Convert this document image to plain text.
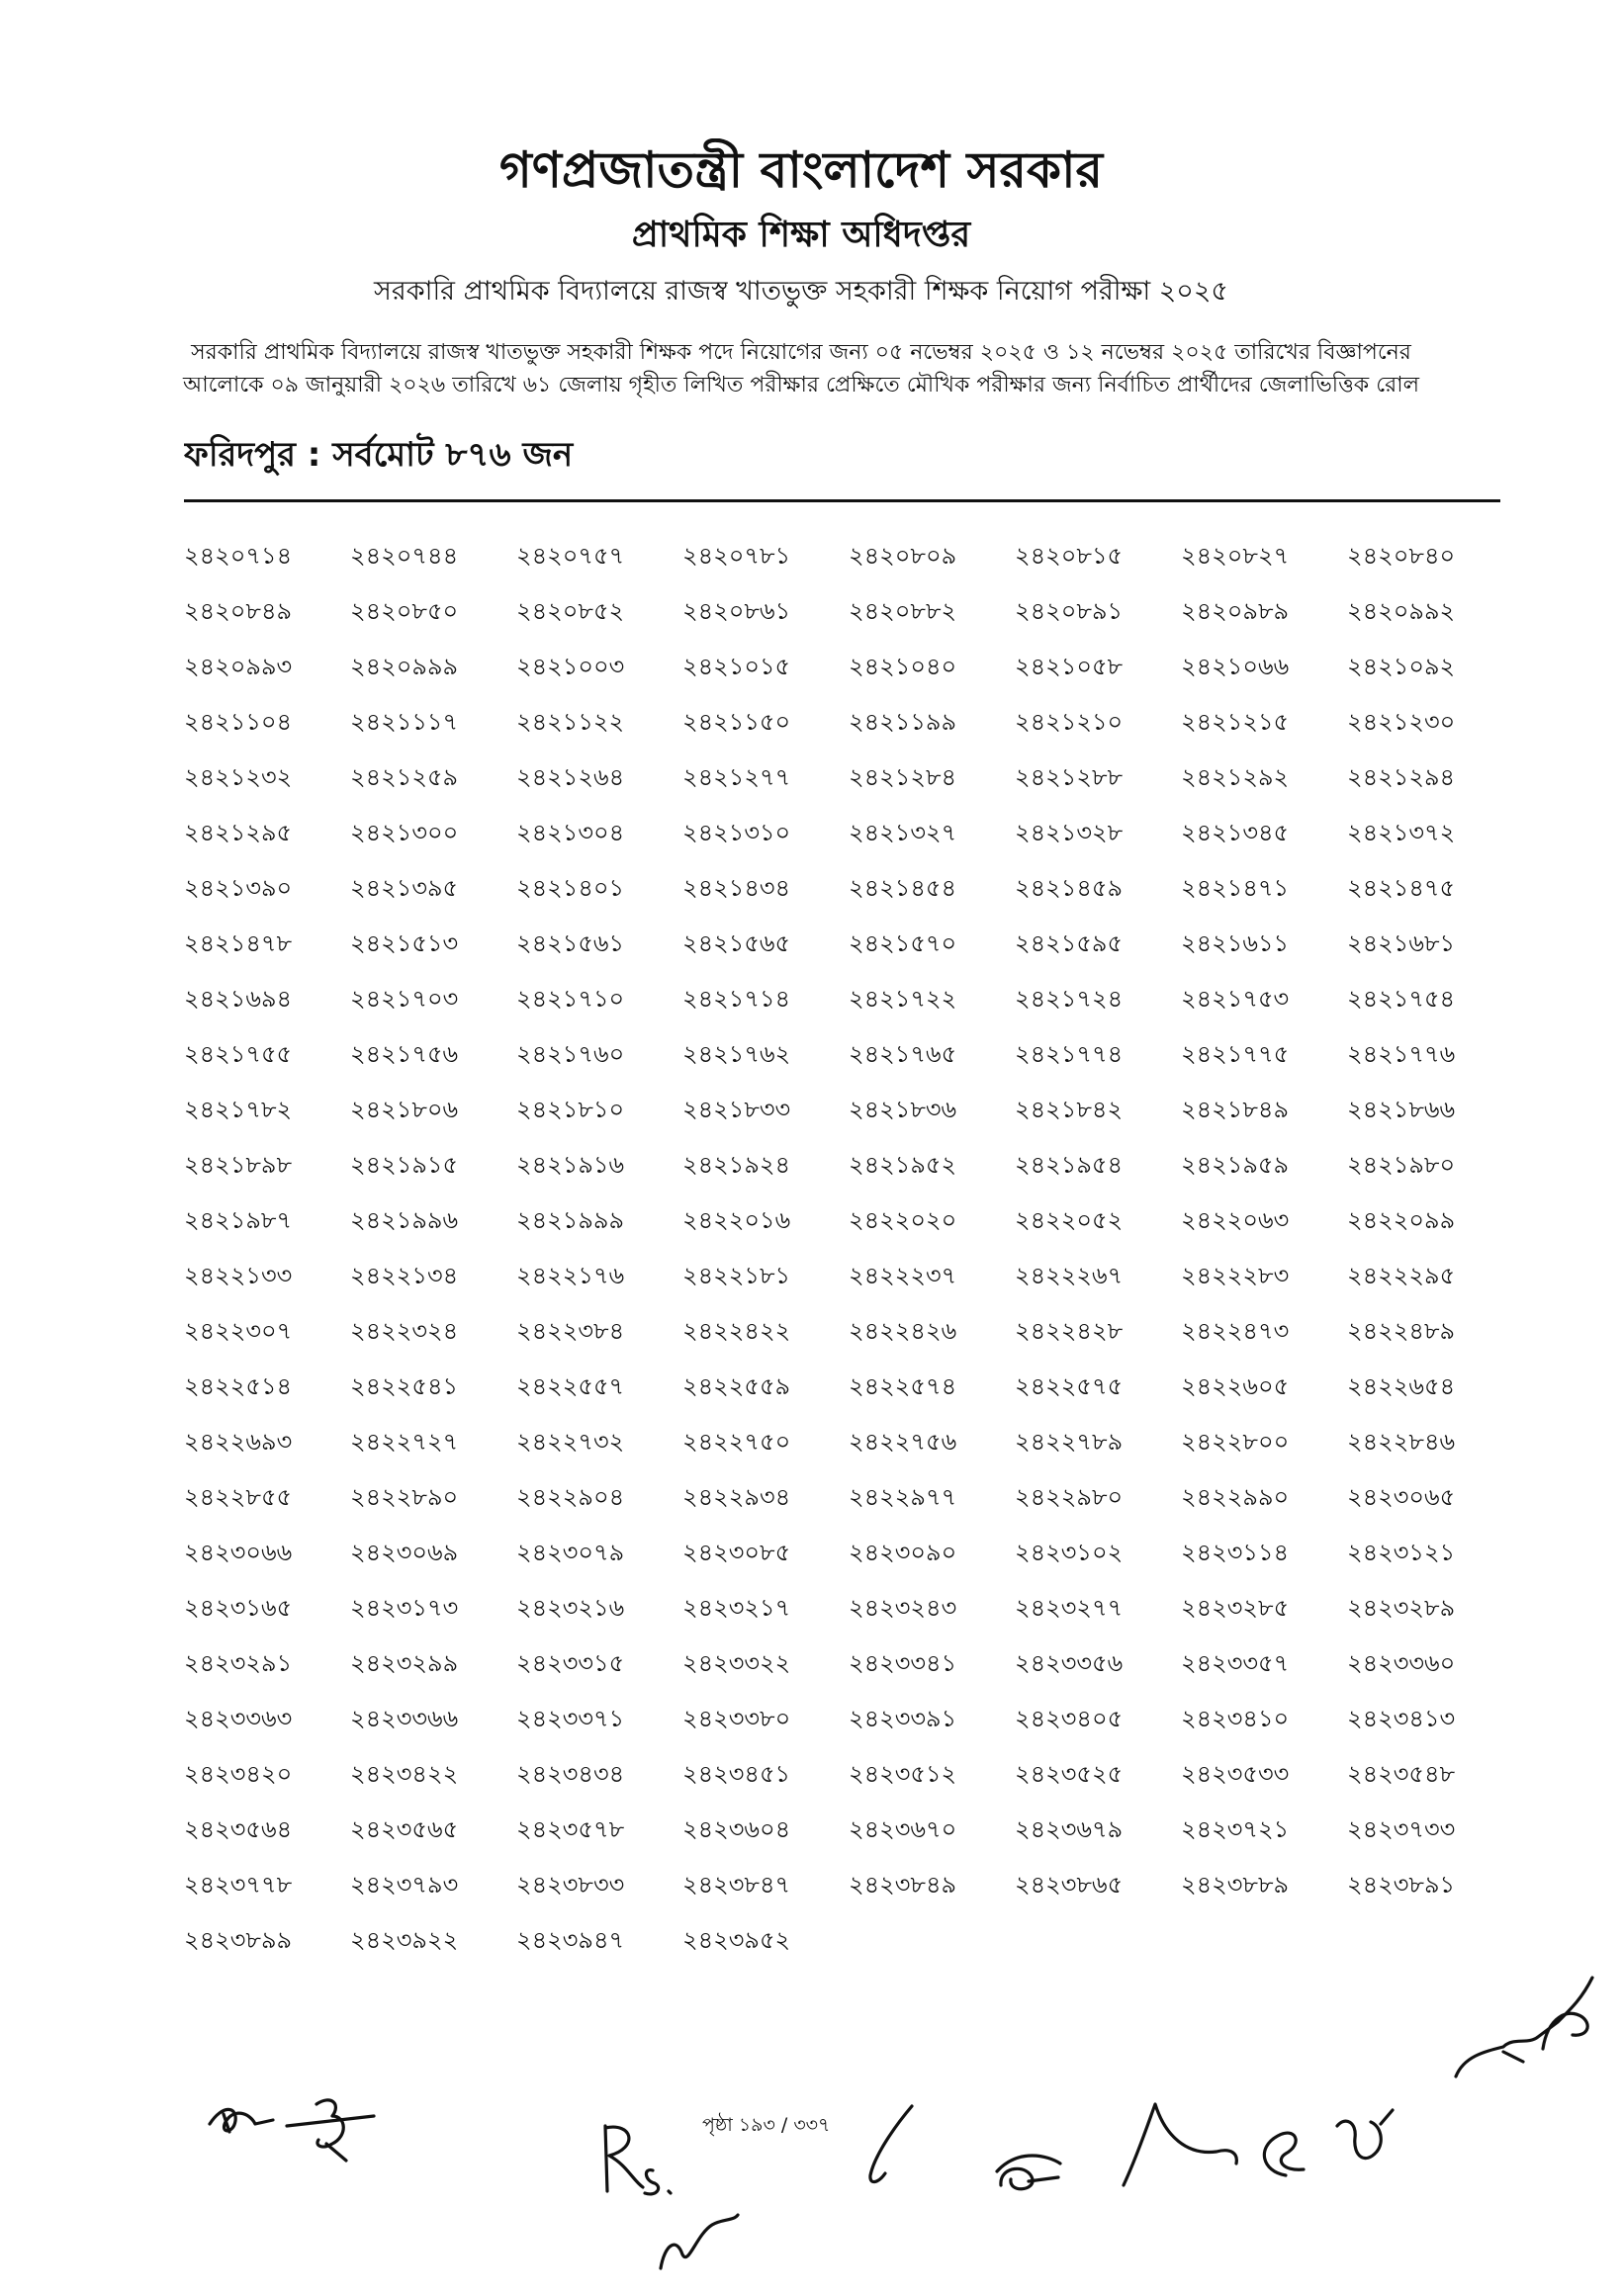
গণপ্রজাতন্ত্রী বাংলাদেশ সরকার
প্রাথমিক শিক্ষা অধিদপ্তর
সরকারি প্রাথমিক বিদ্যালয়ে রাজস্ব খাতভুক্ত সহকারী শিক্ষক নিয়োগ পরীক্ষা ২০২৫
সরকারি প্রাথমিক বিদ্যালয়ে রাজস্ব খাতভুক্ত সহকারী শিক্ষক পদে নিয়োগের জন্য ০৫ নভেম্বর ২০২৫ ও ১২ নভেম্বর ২০২৫ তারিখের বিজ্ঞাপনের
আলোকে ০৯ জানুয়ারী ২০২৬ তারিখে ৬১ জেলায় গৃহীত লিখিত পরীক্ষার প্রেক্ষিতে মৌখিক পরীক্ষার জন্য নির্বাচিত প্রার্থীদের জেলাভিত্তিক রোল
ফরিদপুর : সর্বমোট ৮৭৬ জন
২৪২০৭১৪	২৪২০৭৪৪	২৪২০৭৫৭	২৪২০৭৮১	২৪২০৮০৯	২৪২০৮১৫	২৪২০৮২৭	২৪২০৮৪০
২৪২০৮৪৯	২৪২০৮৫০	২৪২০৮৫২	২৪২০৮৬১	২৪২০৮৮২	২৪২০৮৯১	২৪২০৯৮৯	২৪২০৯৯২
২৪২০৯৯৩	২৪২০৯৯৯	২৪২১০০৩	২৪২১০১৫	২৪২১০৪০	২৪২১০৫৮	২৪২১০৬৬	২৪২১০৯২
২৪২১১০৪	২৪২১১১৭	২৪২১১২২	২৪২১১৫০	২৪২১১৯৯	২৪২১২১০	২৪২১২১৫	২৪২১২৩০
২৪২১২৩২	২৪২১২৫৯	২৪২১২৬৪	২৪২১২৭৭	২৪২১২৮৪	২৪২১২৮৮	২৪২১২৯২	২৪২১২৯৪
২৪২১২৯৫	২৪২১৩০০	২৪২১৩০৪	২৪২১৩১০	২৪২১৩২৭	২৪২১৩২৮	২৪২১৩৪৫	২৪২১৩৭২
২৪২১৩৯০	২৪২১৩৯৫	২৪২১৪০১	২৪২১৪৩৪	২৪২১৪৫৪	২৪২১৪৫৯	২৪২১৪৭১	২৪২১৪৭৫
২৪২১৪৭৮	২৪২১৫১৩	২৪২১৫৬১	২৪২১৫৬৫	২৪২১৫৭০	২৪২১৫৯৫	২৪২১৬১১	২৪২১৬৮১
২৪২১৬৯৪	২৪২১৭০৩	২৪২১৭১০	২৪২১৭১৪	২৪২১৭২২	২৪২১৭২৪	২৪২১৭৫৩	২৪২১৭৫৪
২৪২১৭৫৫	২৪২১৭৫৬	২৪২১৭৬০	২৪২১৭৬২	২৪২১৭৬৫	২৪২১৭৭৪	২৪২১৭৭৫	২৪২১৭৭৬
২৪২১৭৮২	২৪২১৮০৬	২৪২১৮১০	২৪২১৮৩৩	২৪২১৮৩৬	২৪২১৮৪২	২৪২১৮৪৯	২৪২১৮৬৬
২৪২১৮৯৮	২৪২১৯১৫	২৪২১৯১৬	২৪২১৯২৪	২৪২১৯৫২	২৪২১৯৫৪	২৪২১৯৫৯	২৪২১৯৮০
২৪২১৯৮৭	২৪২১৯৯৬	২৪২১৯৯৯	২৪২২০১৬	২৪২২০২০	২৪২২০৫২	২৪২২০৬৩	২৪২২০৯৯
২৪২২১৩৩	২৪২২১৩৪	২৪২২১৭৬	২৪২২১৮১	২৪২২২৩৭	২৪২২২৬৭	২৪২২২৮৩	২৪২২২৯৫
২৪২২৩০৭	২৪২২৩২৪	২৪২২৩৮৪	২৪২২৪২২	২৪২২৪২৬	২৪২২৪২৮	২৪২২৪৭৩	২৪২২৪৮৯
২৪২২৫১৪	২৪২২৫৪১	২৪২২৫৫৭	২৪২২৫৫৯	২৪২২৫৭৪	২৪২২৫৭৫	২৪২২৬০৫	২৪২২৬৫৪
২৪২২৬৯৩	২৪২২৭২৭	২৪২২৭৩২	২৪২২৭৫০	২৪২২৭৫৬	২৪২২৭৮৯	২৪২২৮০০	২৪২২৮৪৬
২৪২২৮৫৫	২৪২২৮৯০	২৪২২৯০৪	২৪২২৯৩৪	২৪২২৯৭৭	২৪২২৯৮০	২৪২২৯৯০	২৪২৩০৬৫
২৪২৩০৬৬	২৪২৩০৬৯	২৪২৩০৭৯	২৪২৩০৮৫	২৪২৩০৯০	২৪২৩১০২	২৪২৩১১৪	২৪২৩১২১
২৪২৩১৬৫	২৪২৩১৭৩	২৪২৩২১৬	২৪২৩২১৭	২৪২৩২৪৩	২৪২৩২৭৭	২৪২৩২৮৫	২৪২৩২৮৯
২৪২৩২৯১	২৪২৩২৯৯	২৪২৩৩১৫	২৪২৩৩২২	২৪২৩৩৪১	২৪২৩৩৫৬	২৪২৩৩৫৭	২৪২৩৩৬০
২৪২৩৩৬৩	২৪২৩৩৬৬	২৪২৩৩৭১	২৪২৩৩৮০	২৪২৩৩৯১	২৪২৩৪০৫	২৪২৩৪১০	২৪২৩৪১৩
২৪২৩৪২০	২৪২৩৪২২	২৪২৩৪৩৪	২৪২৩৪৫১	২৪২৩৫১২	২৪২৩৫২৫	২৪২৩৫৩৩	২৪২৩৫৪৮
২৪২৩৫৬৪	২৪২৩৫৬৫	২৪২৩৫৭৮	২৪২৩৬০৪	২৪২৩৬৭০	২৪২৩৬৭৯	২৪২৩৭২১	২৪২৩৭৩৩
২৪২৩৭৭৮	২৪২৩৭৯৩	২৪২৩৮৩৩	২৪২৩৮৪৭	২৪২৩৮৪৯	২৪২৩৮৬৫	২৪২৩৮৮৯	২৪২৩৮৯১
২৪২৩৮৯৯	২৪২৩৯২২	২৪২৩৯৪৭	২৪২৩৯৫২
পৃষ্ঠা ১৯৩ / ৩৩৭
